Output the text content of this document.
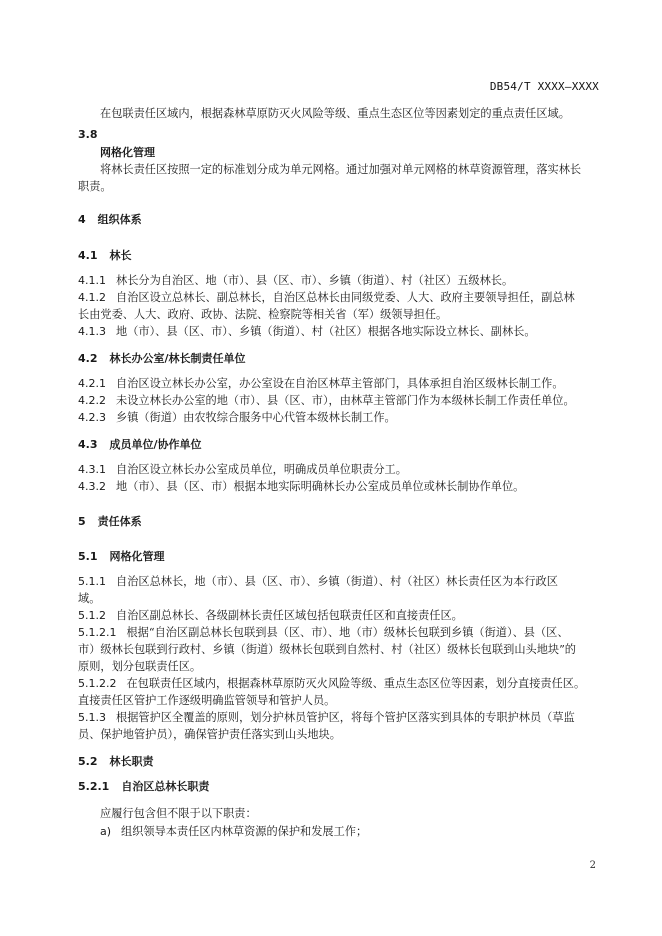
DB54/T XXXX—XXXX
在包联责任区域内，根据森林草原防灭火风险等级、重点生态区位等因素划定的重点责任区域。
3.8
网格化管理
将林长责任区按照一定的标准划分成为单元网格。通过加强对单元网格的林草资源管理，落实林长
职责。
4 组织体系
4.1 林长
4.1.1 林长分为自治区、地（市）、县（区、市）、乡镇（街道）、村（社区）五级林长。
4.1.2 自治区设立总林长、副总林长，自治区总林长由同级党委、人大、政府主要领导担任，副总林
长由党委、人大、政府、政协、法院、检察院等相关省（军）级领导担任。
4.1.3 地（市）、县（区、市）、乡镇（街道）、村（社区）根据各地实际设立林长、副林长。
4.2 林长办公室/林长制责任单位
4.2.1 自治区设立林长办公室，办公室设在自治区林草主管部门，具体承担自治区级林长制工作。
4.2.2 未设立林长办公室的地（市）、县（区、市），由林草主管部门作为本级林长制工作责任单位。
4.2.3 乡镇（街道）由农牧综合服务中心代管本级林长制工作。
4.3 成员单位/协作单位
4.3.1 自治区设立林长办公室成员单位，明确成员单位职责分工。
4.3.2 地（市）、县（区、市）根据本地实际明确林长办公室成员单位或林长制协作单位。
5 责任体系
5.1 网格化管理
5.1.1 自治区总林长，地（市）、县（区、市）、乡镇（街道）、村（社区）林长责任区为本行政区
域。
5.1.2 自治区副总林长、各级副林长责任区域包括包联责任区和直接责任区。
5.1.2.1 根据“自治区副总林长包联到县（区、市）、地（市）级林长包联到乡镇（街道）、县（区、
市）级林长包联到行政村、乡镇（街道）级林长包联到自然村、村（社区）级林长包联到山头地块”的
原则，划分包联责任区。
5.1.2.2 在包联责任区域内，根据森林草原防灭火风险等级、重点生态区位等因素，划分直接责任区。
直接责任区管护工作逐级明确监管领导和管护人员。
5.1.3 根据管护区全覆盖的原则，划分护林员管护区，将每个管护区落实到具体的专职护林员（草监
员、保护地管护员），确保管护责任落实到山头地块。
5.2 林长职责
5.2.1 自治区总林长职责
应履行包含但不限于以下职责：
a) 组织领导本责任区内林草资源的保护和发展工作；
2
